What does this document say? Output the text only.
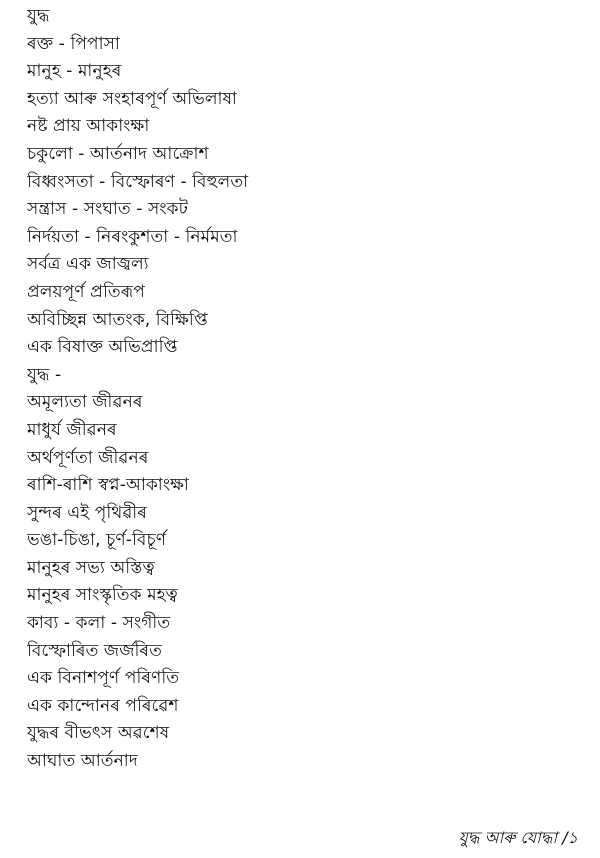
যুদ্ধ
ৰক্ত - পিপাসা
মানুহ - মানুহৰ
হত্যা আৰু সংহাৰপূৰ্ণ অভিলাষা
নষ্ট প্ৰায় আকাংক্ষা
চকুলো - আৰ্তনাদ আক্ৰোশ
বিধ্বংসতা - বিস্ফোৰণ - বিহুলতা
সন্ত্রাস - সংঘাত - সংকট
নিৰ্দয়তা - নিৰংকুশতা - নিৰ্মমতা
সৰ্বত্ৰ এক জাজ্বল্য
প্ৰলয়পূৰ্ণ প্ৰতিৰূপ
অবিচ্ছিন্ন আতংক, বিক্ষিপ্তি
এক বিষাক্ত অভিপ্ৰাপ্তি
যুদ্ধ -
অমূল্যতা জীৱনৰ
মাধুৰ্য জীৱনৰ
অৰ্থপূৰ্ণতা জীৱনৰ
ৰাশি-ৰাশি স্বপ্ন-আকাংক্ষা
সুন্দৰ এই পৃথিৱীৰ
ভঙা-চিঙা, চূৰ্ণ-বিচূৰ্ণ
মানুহৰ সভ্য অস্তিত্ব
মানুহৰ সাংস্কৃতিক মহত্ব
কাব্য - কলা - সংগীত
বিস্ফোৰিত জৰ্জৰিত
এক বিনাশপূৰ্ণ পৰিণতি
এক কান্দোনৰ পৰিৱেশ
যুদ্ধৰ বীভৎস অৱশেষ
আঘাত আৰ্তনাদ
যুদ্ধ আৰু যোদ্ধা /১
